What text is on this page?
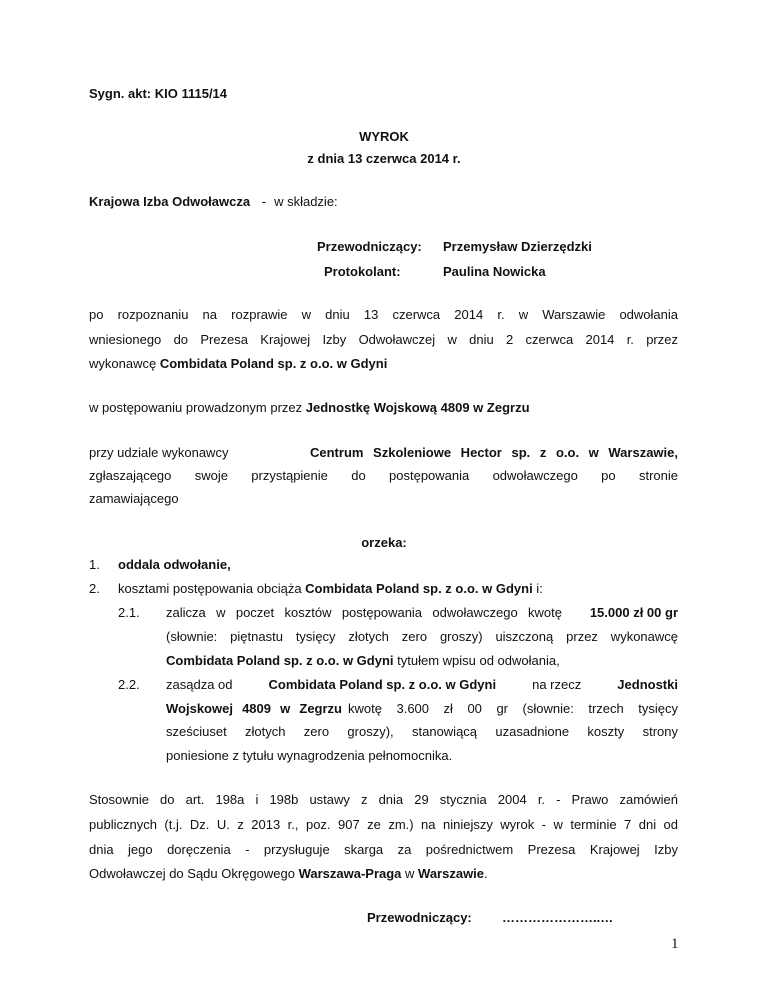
Sygn. akt: KIO 1115/14
WYROK
z dnia 13 czerwca 2014 r.
Krajowa Izba Odwoławcza - w składzie:
Przewodniczący: Przemysław Dzierzędzki
Protokolant:	Paulina Nowicka
po rozpoznaniu na rozprawie w dniu 13 czerwca 2014 r. w Warszawie odwołania
wniesionego do Prezesa Krajowej Izby Odwoławczej w dniu 2 czerwca 2014 r. przez
wykonawcę Combidata Poland sp. z o.o. w Gdyni
w postępowaniu prowadzonym przez Jednostkę Wojskową 4809 w Zegrzu
przy udziale wykonawcy	Centrum Szkoleniowe Hector sp. z o.o. w Warszawie,
zgłaszającego swoje przystąpienie do postępowania odwoławczego po stronie
zamawiającego
orzeka:
1. oddala odwołanie,
2. kosztami postępowania obciąża Combidata Poland sp. z o.o. w Gdyni i:
2.1. zalicza w poczet kosztów postępowania odwoławczego kwotę 15.000 zł 00 gr
(słownie: piętnastu tysięcy złotych zero groszy) uiszczoną przez wykonawcę
Combidata Poland sp. z o.o. w Gdyni tytułem wpisu od odwołania,
2.2. zasądza od	Combidata Poland sp. z o.o. w Gdyni	na rzecz	Jednostki
Wojskowej 4809 w Zegrzu kwotę 3.600 zł 00 gr (słownie: trzech tysięcy
sześciuset złotych zero groszy), stanowiącą uzasadnione koszty strony
poniesione z tytułu wynagrodzenia pełnomocnika.
Stosownie do art. 198a i 198b ustawy z dnia 29 stycznia 2004 r. - Prawo zamówień
publicznych (t.j. Dz. U. z 2013 r., poz. 907 ze zm.) na niniejszy wyrok - w terminie 7 dni od
dnia jego doręczenia - przysługuje skarga za pośrednictwem Prezesa Krajowej Izby
Odwoławczej do Sądu Okręgowego Warszawa-Praga w Warszawie.
Przewodniczący: …………………..…
1
